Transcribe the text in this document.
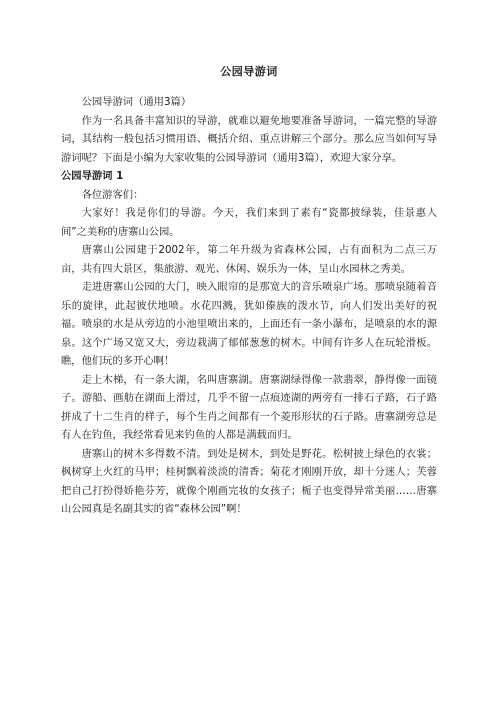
公园导游词

公园导游词（通用3篇）

作为一名具备丰富知识的导游，就难以避免地要准备导游词，一篇完整的导游词，其结构一般包括习惯用语、概括介绍、重点讲解三个部分。那么应当如何写导游词呢？下面是小编为大家收集的公园导游词（通用3篇），欢迎大家分享。

公园导游词 1

各位游客们：

大家好！我是你们的导游。今天，我们来到了素有“瓷都披绿装，佳景惠人间”之美称的唐寨山公园。

唐寨山公园建于2002年，第二年升级为省森林公园，占有面积为二点三万亩，共有四大景区，集旅游、观光、休闲、娱乐为一体，呈山水园林之秀美。

走进唐寨山公园的大门，映入眼帘的是那宽大的音乐喷泉广场。那喷泉随着音乐的旋律，此起彼伏地喷。水花四溅，犹如傣族的泼水节，向人们发出美好的祝福。喷泉的水是从旁边的小池里喷出来的，上面还有一条小瀑布，是喷泉的水的源泉。这个广场又宽又大，旁边栽满了郁郁葱葱的树木。中间有许多人在玩轮滑板。瞧，他们玩的多开心啊！

走上木梯，有一条大湖，名叫唐寨湖。唐寨湖绿得像一款翡翠，静得像一面镜子。游船、画舫在湖面上滑过，几乎不留一点痕迹湖的两旁有一排石子路，石子路拼成了十二生肖的样子，每个生肖之间都有一个菱形形状的石子路。唐寨湖旁总是有人在钓鱼，我经常看见来钓鱼的人都是满载而归。

唐寨山的树木多得数不清。到处是树木，到处是野花。松树披上绿色的衣裳；枫树穿上火红的马甲；桂树飘着淡淡的清香；菊花才刚刚开放，却十分迷人；芙蓉把自己打扮得娇艳芬芳，就像个刚画完妆的女孩子；栀子也变得异常美丽……唐寨山公园真是名副其实的省“森林公园”啊！
